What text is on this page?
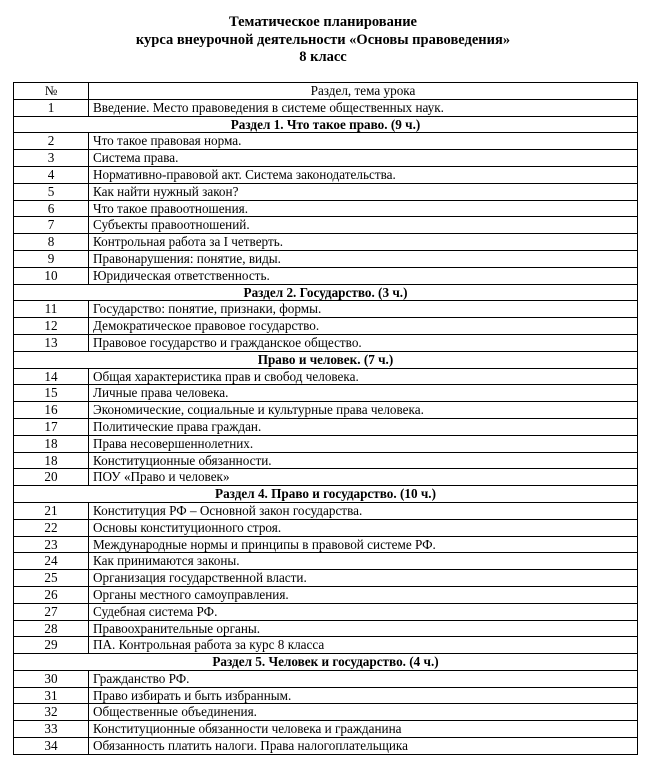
Тематическое планирование
курса внеурочной деятельности «Основы правоведения»
8 класс
№	Раздел, тема урока
1	Введение. Место правоведения в системе общественных наук.
Раздел 1. Что такое право. (9 ч.)	
2	Что такое правовая норма.
3	Система права.
4	Нормативно-правовой акт. Система законодательства.
5	Как найти нужный закон?
6	Что такое правоотношения.
7	Субъекты правоотношений.
8	Контрольная работа за I четверть.
9	Правонарушения: понятие, виды.
10	Юридическая ответственность.
Раздел 2. Государство. (3 ч.)	
11	Государство: понятие, признаки, формы.
12	Демократическое правовое государство.
13	Правовое государство и гражданское общество.
Право и человек. (7 ч.)	
14	Общая характеристика прав и свобод человека.
15	Личные права человека.
16	Экономические, социальные и культурные права человека.
17	Политические права граждан.
18	Права несовершеннолетних.
18	Конституционные обязанности.
20	ПОУ «Право и человек»
Раздел 4. Право и государство. (10 ч.)	
21	Конституция РФ – Основной закон государства.
22	Основы конституционного строя.
23	Международные нормы и принципы в правовой системе РФ.
24	Как принимаются законы.
25	Организация государственной власти.
26	Органы местного самоуправления.
27	Судебная система РФ.
28	Правоохранительные органы.
29	ПА. Контрольная работа за курс 8 класса
Раздел 5. Человек и государство. (4 ч.)	
30	Гражданство РФ.
31	Право избирать и быть избранным.
32	Общественные объединения.
33	Конституционные обязанности человека и гражданина
34	Обязанность платить налоги. Права налогоплательщика
